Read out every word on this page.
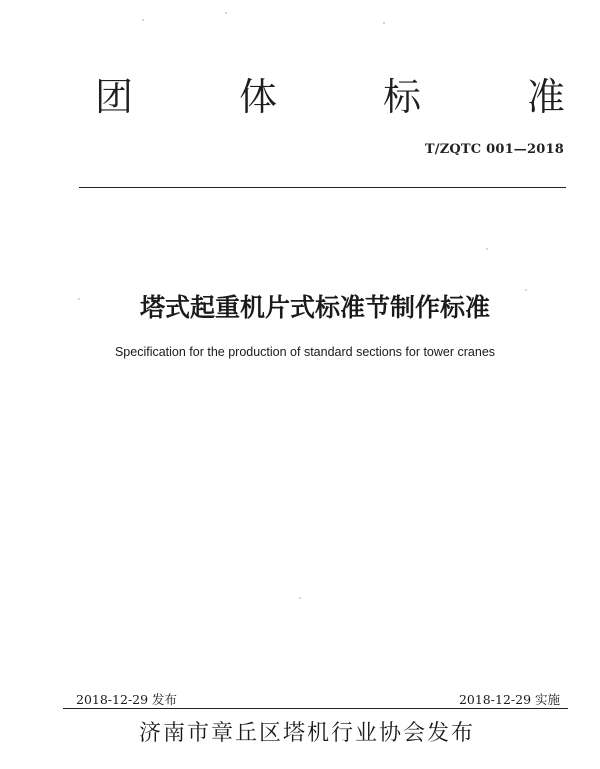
团	体	标	准
T/ZQTC 001—2018
塔式起重机片式标准节制作标准
Specification for the production of standard sections for tower cranes
2018-12-29 发布	2018-12-29 实施
济南市章丘区塔机行业协会发布
